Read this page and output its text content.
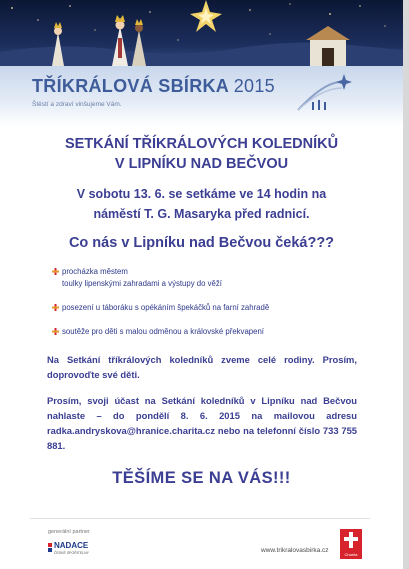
TŘÍKRÁLOVÁ SBÍRKA 2015
Štěstí a zdraví vinšujeme Vám.
SETKÁNÍ TŘÍKRÁLOVÝCH KOLEDNÍKŮ
V LIPNÍKU NAD BEČVOU
V sobotu 13. 6. se setkáme ve 14 hodin na
náměstí T. G. Masaryka před radnicí.
Co nás v Lipníku nad Bečvou čeká???
procházka městem
toulky lipenskými zahradami a výstupy do věží
posezení u táboráku s opékáním špekáčků na farní zahradě
soutěže pro děti s malou odměnou a královské překvapení
Na Setkání tříkrálových koledníků zveme celé rodiny. Prosím, doprovoďte své děti.
Prosím, svoji účast na Setkání koledníků v Lipníku nad Bečvou nahlaste – do pondělí 8. 6. 2015 na mailovou adresu radka.andryskova@hranice.charita.cz nebo na telefonní číslo 733 755 881.
TĚŠÍME SE NA VÁS!!!
generální partner
NADACE
ČESKÉ SPOŘITELNY	www.trikralovasbirka.cz
Charita
